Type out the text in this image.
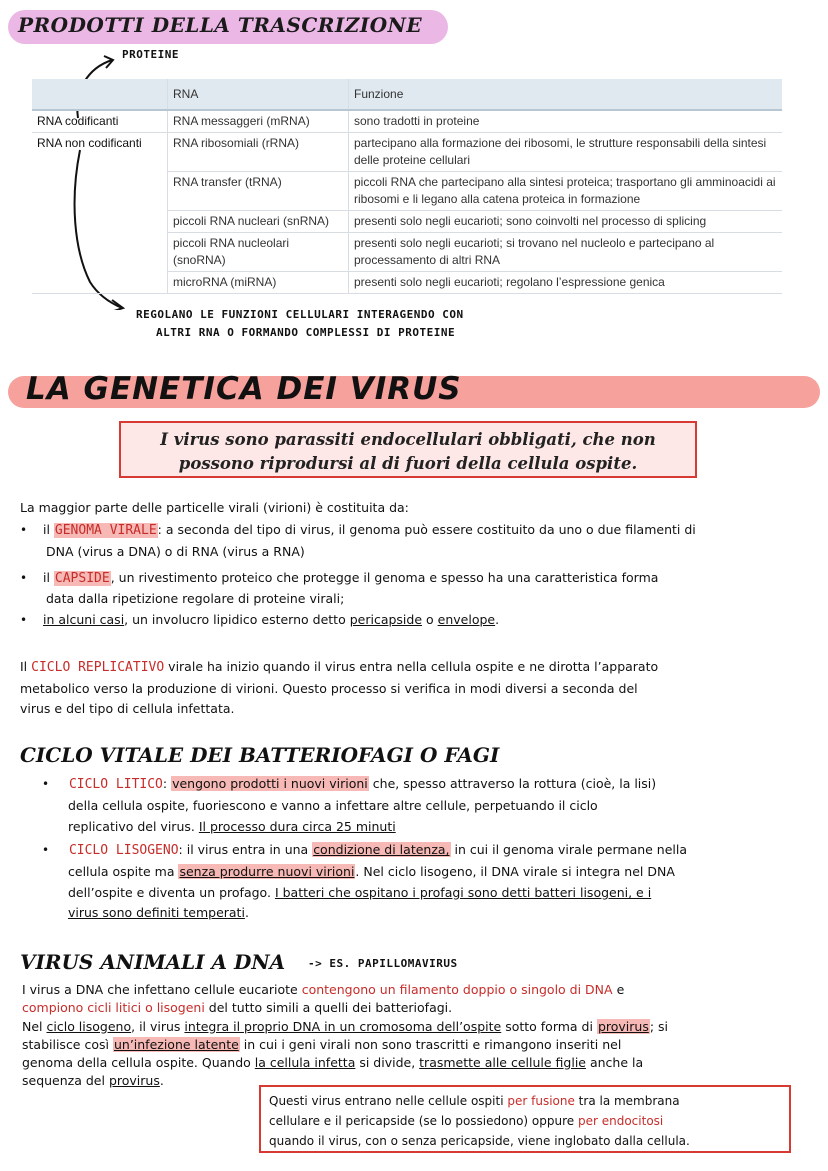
PRODOTTI DELLA TRASCRIZIONE
PROTEINE
	RNA	Funzione
RNA codificanti	RNA messaggeri (mRNA)	sono tradotti in proteine
RNA non codificanti	RNA ribosomiali (rRNA)	partecipano alla formazione dei ribosomi, le strutture responsabili della sintesi delle proteine cellulari
	RNA transfer (tRNA)	piccoli RNA che partecipano alla sintesi proteica; trasportano gli amminoacidi ai ribosomi e li legano alla catena proteica in formazione
	piccoli RNA nucleari (snRNA)	presenti solo negli eucarioti; sono coinvolti nel processo di splicing
	piccoli RNA nucleolari (snoRNA)	presenti solo negli eucarioti; si trovano nel nucleolo e partecipano al processamento di altri RNA
	microRNA (miRNA)	presenti solo negli eucarioti; regolano l’espressione genica
REGOLANO LE FUNZIONI CELLULARI INTERAGENDO CON
ALTRI RNA O FORMANDO COMPLESSI DI PROTEINE
LA GENETICA DEI VIRUS
I virus sono parassiti endocellulari obbligati, che non
possono riprodursi al di fuori della cellula ospite.
La maggior parte delle particelle virali (virioni) è costituita da:
• il GENOMA VIRALE: a seconda del tipo di virus, il genoma può essere costituito da uno o due filamenti di
DNA (virus a DNA) o di RNA (virus a RNA)
• il CAPSIDE, un rivestimento proteico che protegge il genoma e spesso ha una caratteristica forma
data dalla ripetizione regolare di proteine virali;
• in alcuni casi, un involucro lipidico esterno detto pericapside o envelope.
Il CICLO REPLICATIVO virale ha inizio quando il virus entra nella cellula ospite e ne dirotta l’apparato
metabolico verso la produzione di virioni. Questo processo si verifica in modi diversi a seconda del
virus e del tipo di cellula infettata.
CICLO VITALE DEI BATTERIOFAGI O FAGI
• CICLO LITICO: vengono prodotti i nuovi virioni che, spesso attraverso la rottura (cioè, la lisi)
della cellula ospite, fuoriescono e vanno a infettare altre cellule, perpetuando il ciclo
replicativo del virus. Il processo dura circa 25 minuti
• CICLO LISOGENO: il virus entra in una condizione di latenza, in cui il genoma virale permane nella
cellula ospite ma senza produrre nuovi virioni. Nel ciclo lisogeno, il DNA virale si integra nel DNA
dell’ospite e diventa un profago. I batteri che ospitano i profagi sono detti batteri lisogeni, e i
virus sono definiti temperati.
VIRUS ANIMALI A DNA -> ES. PAPILLOMAVIRUS
I virus a DNA che infettano cellule eucariote contengono un filamento doppio o singolo di DNA e
compiono cicli litici o lisogeni del tutto simili a quelli dei batteriofagi.
Nel ciclo lisogeno, il virus integra il proprio DNA in un cromosoma dell’ospite sotto forma di provirus; si
stabilisce così un’infezione latente in cui i geni virali non sono trascritti e rimangono inseriti nel
genoma della cellula ospite. Quando la cellula infetta si divide, trasmette alle cellule figlie anche la
sequenza del provirus.
Questi virus entrano nelle cellule ospiti per fusione tra la membrana
cellulare e il pericapside (se lo possiedono) oppure per endocitosi
quando il virus, con o senza pericapside, viene inglobato dalla cellula.
